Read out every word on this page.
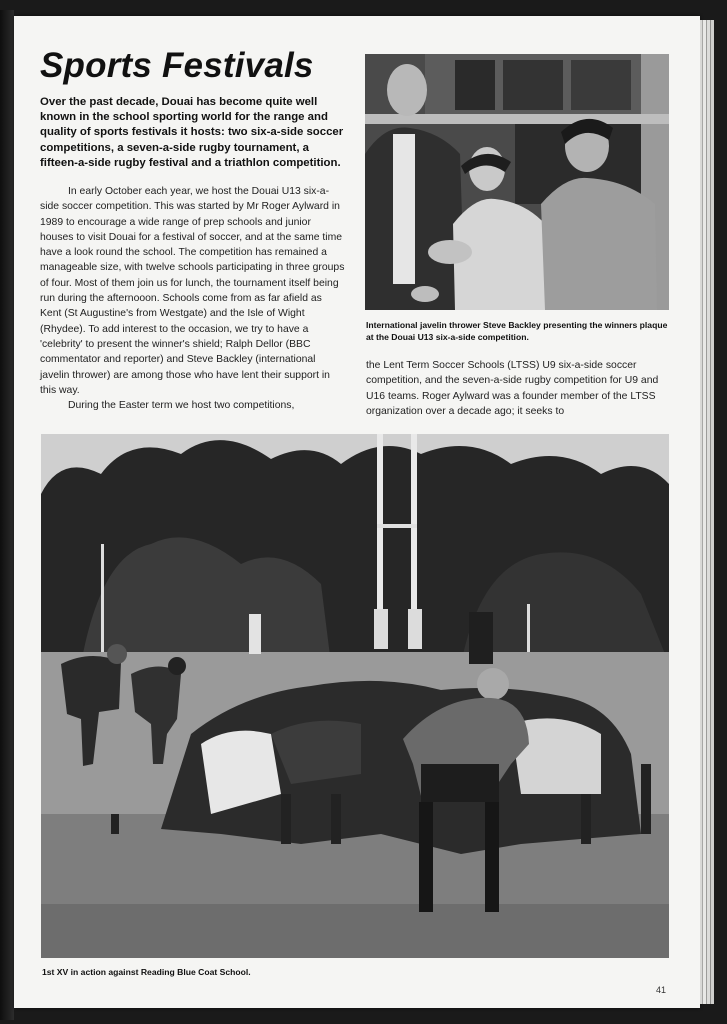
Sports Festivals

Over the past decade, Douai has become quite well known in the school sporting world for the range and quality of sports festivals it hosts: two six-a-side soccer competitions, a seven-a-side rugby tournament, a fifteen-a-side rugby festival and a triathlon competition.

In early October each year, we host the Douai U13 six-a-side soccer competition. This was started by Mr Roger Aylward in 1989 to encourage a wide range of prep schools and junior houses to visit Douai for a festival of soccer, and at the same time have a look round the school. The competition has remained a manageable size, with twelve schools participating in three groups of four. Most of them join us for lunch, the tournament itself being run during the afternooon. Schools come from as far afield as Kent (St Augustine's from Westgate) and the Isle of Wight (Rhydee). To add interest to the occasion, we try to have a 'celebrity' to present the winner's shield; Ralph Dellor (BBC commentator and reporter) and Steve Backley (international javelin thrower) are among those who have lent their support in this way.

During the Easter term we host two competitions,

International javelin thrower Steve Backley presenting the winners plaque at the Douai U13 six-a-side competition.

the Lent Term Soccer Schools (LTSS) U9 six-a-side soccer competition, and the seven-a-side rugby competition for U9 and U16 teams. Roger Aylward was a founder member of the LTSS organization over a decade ago; it seeks to

1st XV in action against Reading Blue Coat School.

41
